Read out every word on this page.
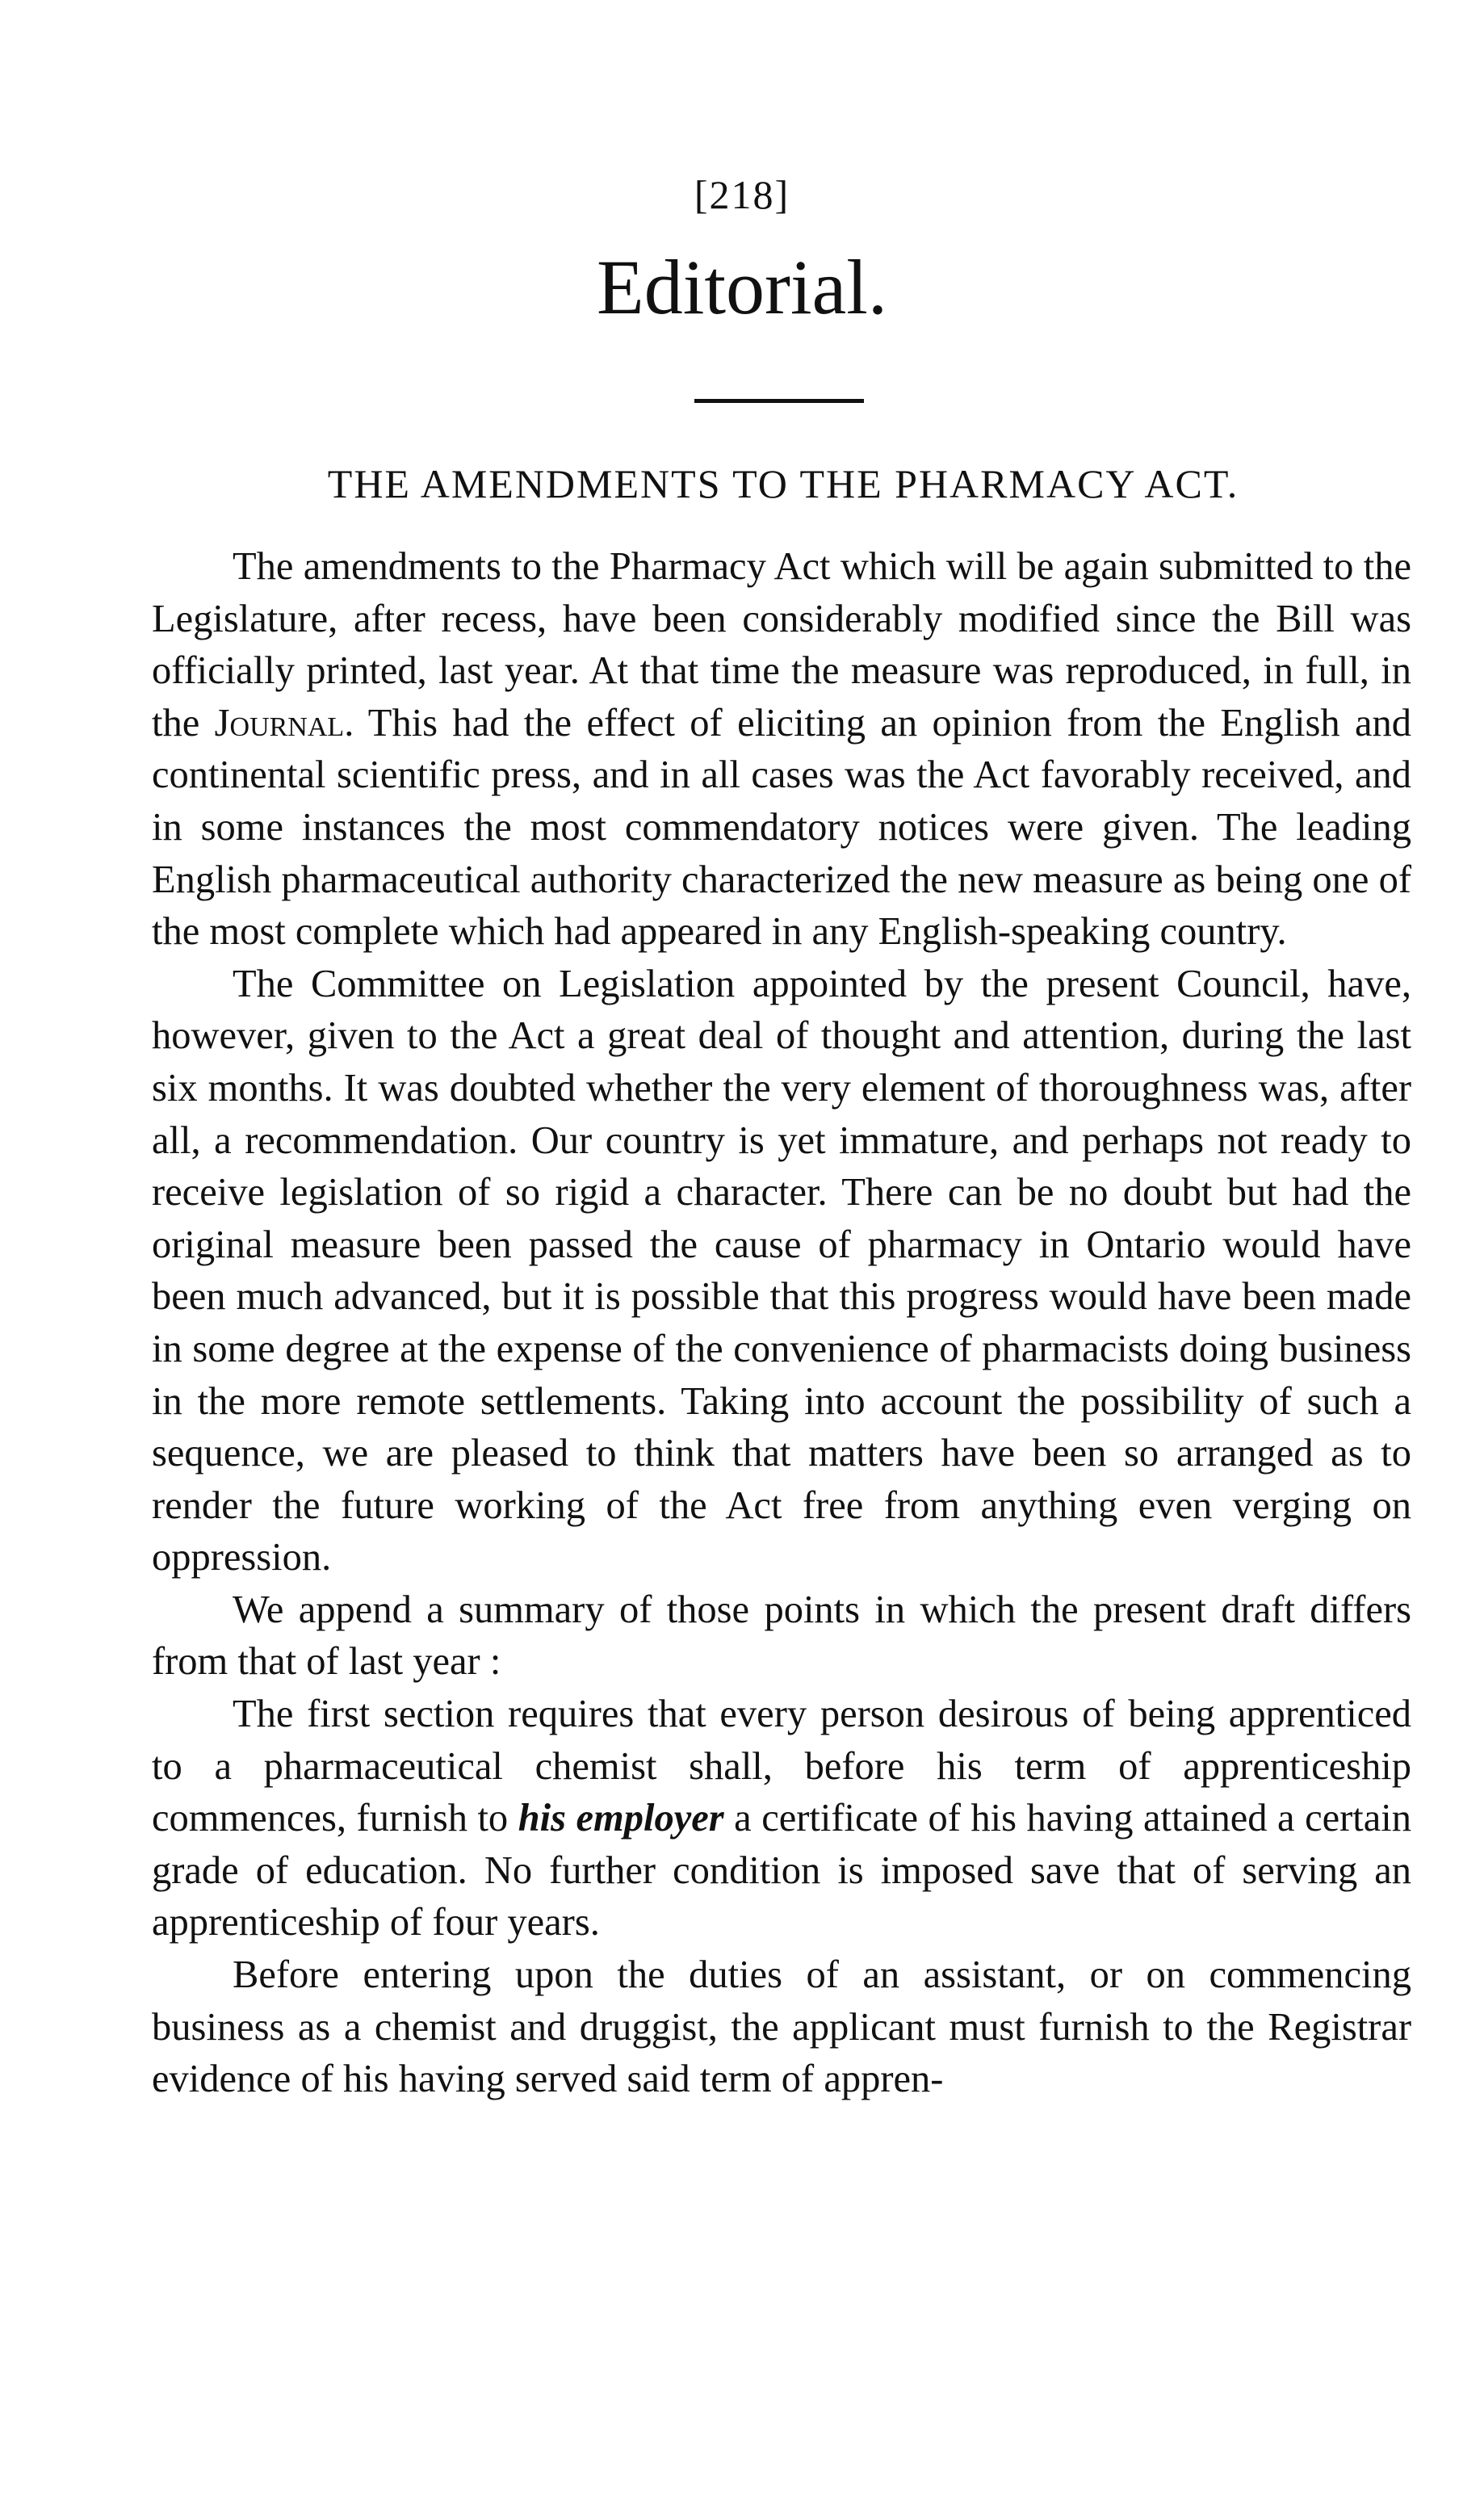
[218]
Editorial.
THE AMENDMENTS TO THE PHARMACY ACT.

The amendments to the Pharmacy Act which will be again submitted to the Legislature, after recess, have been considerably modified since the Bill was officially printed, last year. At that time the measure was reproduced, in full, in the Journal. This had the effect of eliciting an opinion from the English and continental scientific press, and in all cases was the Act favorably received, and in some instances the most commendatory notices were given. The leading English pharmaceutical authority characterized the new measure as being one of the most complete which had appeared in any English-speaking country.

The Committee on Legislation appointed by the present Council, have, however, given to the Act a great deal of thought and attention, during the last six months. It was doubted whether the very element of thoroughness was, after all, a recommendation. Our country is yet immature, and perhaps not ready to receive legislation of so rigid a character. There can be no doubt but had the original measure been passed the cause of pharmacy in Ontario would have been much advanced, but it is possible that this progress would have been made in some degree at the expense of the convenience of pharmacists doing business in the more remote settlements. Taking into account the possibility of such a sequence, we are pleased to think that matters have been so arranged as to render the future working of the Act free from anything even verging on oppression.

We append a summary of those points in which the present draft differs from that of last year :

The first section requires that every person desirous of being apprenticed to a pharmaceutical chemist shall, before his term of apprenticeship commences, furnish to his employer a certificate of his having attained a certain grade of education. No further condition is imposed save that of serving an apprenticeship of four years.

Before entering upon the duties of an assistant, or on commencing business as a chemist and druggist, the applicant must furnish to the Registrar evidence of his having served said term of appren-
